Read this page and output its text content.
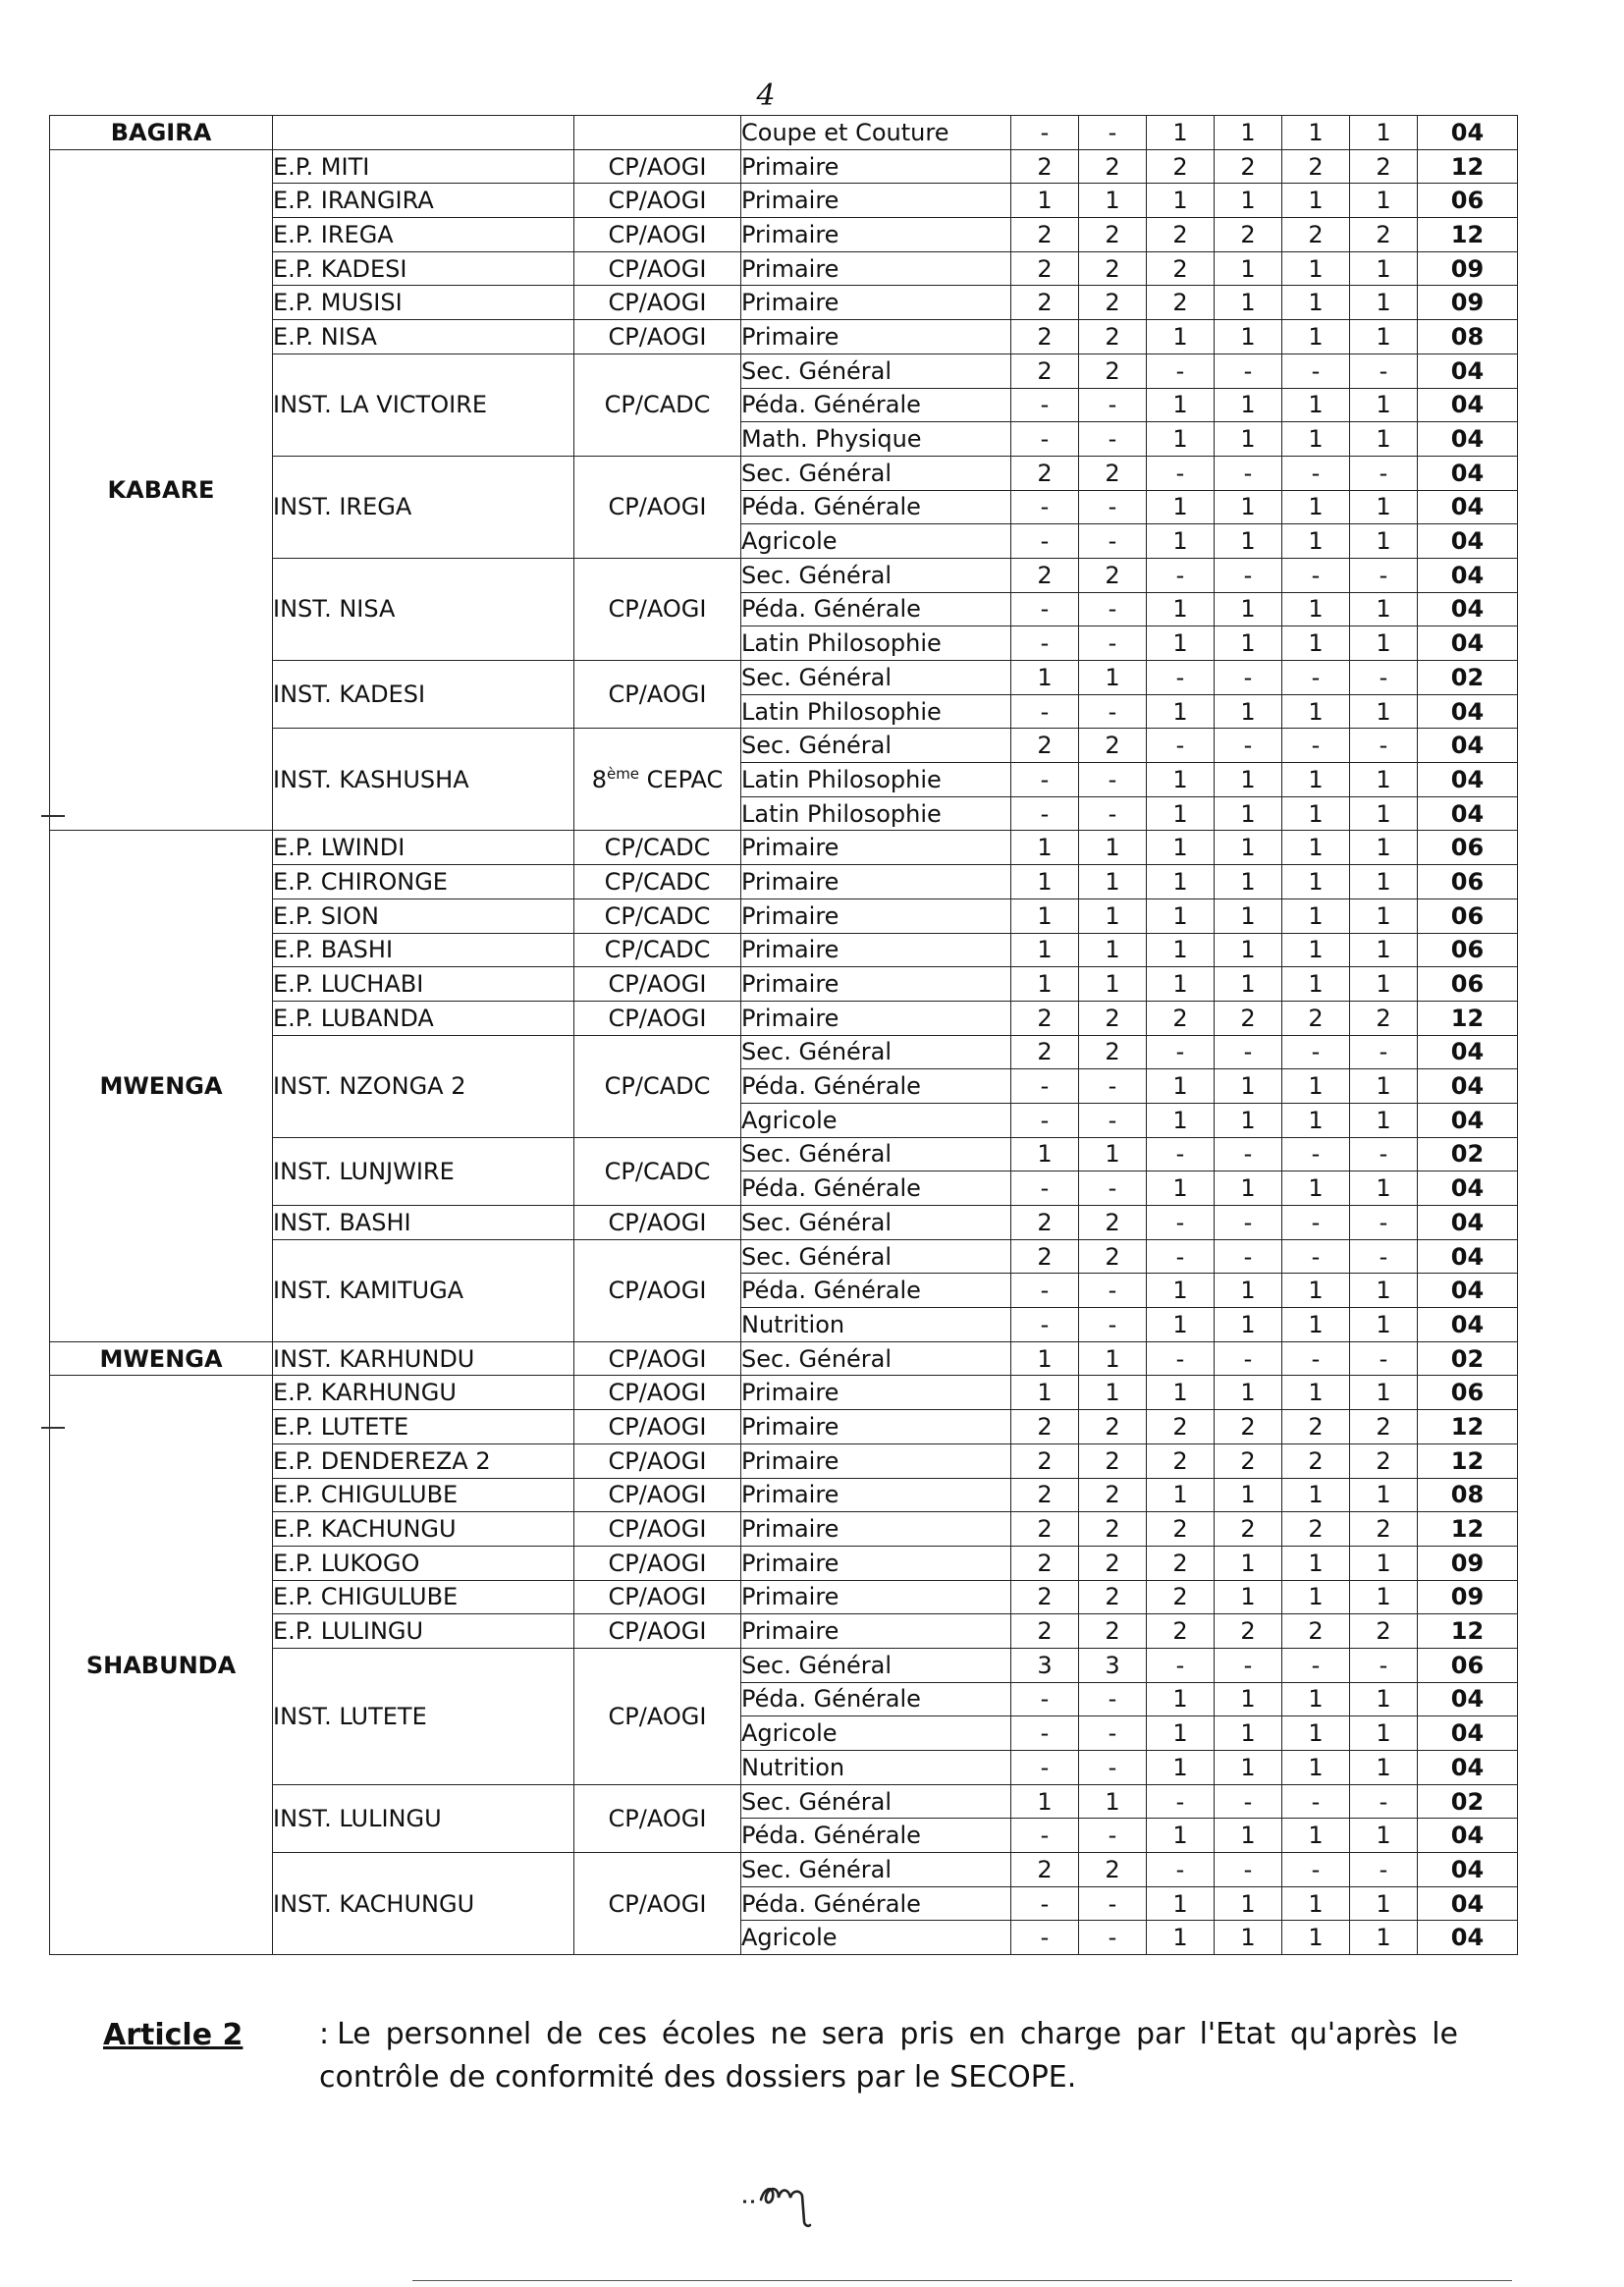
4
BAGIRA			Coupe et Couture	-	-	1	1	1	1	04
KABARE	E.P. MITI	CP/AOGI	Primaire	2	2	2	2	2	2	12
	E.P. IRANGIRA	CP/AOGI	Primaire	1	1	1	1	1	1	06
	E.P. IREGA	CP/AOGI	Primaire	2	2	2	2	2	2	12
	E.P. KADESI	CP/AOGI	Primaire	2	2	2	1	1	1	09
	E.P. MUSISI	CP/AOGI	Primaire	2	2	2	1	1	1	09
	E.P. NISA	CP/AOGI	Primaire	2	2	1	1	1	1	08
	INST. LA VICTOIRE	CP/CADC	Sec. Général	2	2	-	-	-	-	04
			Péda. Générale	-	-	1	1	1	1	04
			Math. Physique	-	-	1	1	1	1	04
	INST. IREGA	CP/AOGI	Sec. Général	2	2	-	-	-	-	04
			Péda. Générale	-	-	1	1	1	1	04
			Agricole	-	-	1	1	1	1	04
	INST. NISA	CP/AOGI	Sec. Général	2	2	-	-	-	-	04
			Péda. Générale	-	-	1	1	1	1	04
			Latin Philosophie	-	-	1	1	1	1	04
	INST. KADESI	CP/AOGI	Sec. Général	1	1	-	-	-	-	02
			Latin Philosophie	-	-	1	1	1	1	04
	INST. KASHUSHA	8ème CEPAC	Sec. Général	2	2	-	-	-	-	04
			Latin Philosophie	-	-	1	1	1	1	04
			Latin Philosophie	-	-	1	1	1	1	04
MWENGA	E.P. LWINDI	CP/CADC	Primaire	1	1	1	1	1	1	06
	E.P. CHIRONGE	CP/CADC	Primaire	1	1	1	1	1	1	06
	E.P. SION	CP/CADC	Primaire	1	1	1	1	1	1	06
	E.P. BASHI	CP/CADC	Primaire	1	1	1	1	1	1	06
	E.P. LUCHABI	CP/AOGI	Primaire	1	1	1	1	1	1	06
	E.P. LUBANDA	CP/AOGI	Primaire	2	2	2	2	2	2	12
	INST. NZONGA 2	CP/CADC	Sec. Général	2	2	-	-	-	-	04
			Péda. Générale	-	-	1	1	1	1	04
			Agricole	-	-	1	1	1	1	04
	INST. LUNJWIRE	CP/CADC	Sec. Général	1	1	-	-	-	-	02
			Péda. Générale	-	-	1	1	1	1	04
	INST. BASHI	CP/AOGI	Sec. Général	2	2	-	-	-	-	04
	INST. KAMITUGA	CP/AOGI	Sec. Général	2	2	-	-	-	-	04
			Péda. Générale	-	-	1	1	1	1	04
			Nutrition	-	-	1	1	1	1	04
MWENGA	INST. KARHUNDU	CP/AOGI	Sec. Général	1	1	-	-	-	-	02
SHABUNDA	E.P. KARHUNGU	CP/AOGI	Primaire	1	1	1	1	1	1	06
	E.P. LUTETE	CP/AOGI	Primaire	2	2	2	2	2	2	12
	E.P. DENDEREZA 2	CP/AOGI	Primaire	2	2	2	2	2	2	12
	E.P. CHIGULUBE	CP/AOGI	Primaire	2	2	1	1	1	1	08
	E.P. KACHUNGU	CP/AOGI	Primaire	2	2	2	2	2	2	12
	E.P. LUKOGO	CP/AOGI	Primaire	2	2	2	1	1	1	09
	E.P. CHIGULUBE	CP/AOGI	Primaire	2	2	2	1	1	1	09
	E.P. LULINGU	CP/AOGI	Primaire	2	2	2	2	2	2	12
	INST. LUTETE	CP/AOGI	Sec. Général	3	3	-	-	-	-	06
			Péda. Générale	-	-	1	1	1	1	04
			Agricole	-	-	1	1	1	1	04
			Nutrition	-	-	1	1	1	1	04
	INST. LULINGU	CP/AOGI	Sec. Général	1	1	-	-	-	-	02
			Péda. Générale	-	-	1	1	1	1	04
	INST. KACHUNGU	CP/AOGI	Sec. Général	2	2	-	-	-	-	04
			Péda. Générale	-	-	1	1	1	1	04
			Agricole	-	-	1	1	1	1	04
Article 2	: Le personnel de ces écoles ne sera pris en charge par l'Etat qu'après le contrôle de conformité des dossiers par le SECOPE.
